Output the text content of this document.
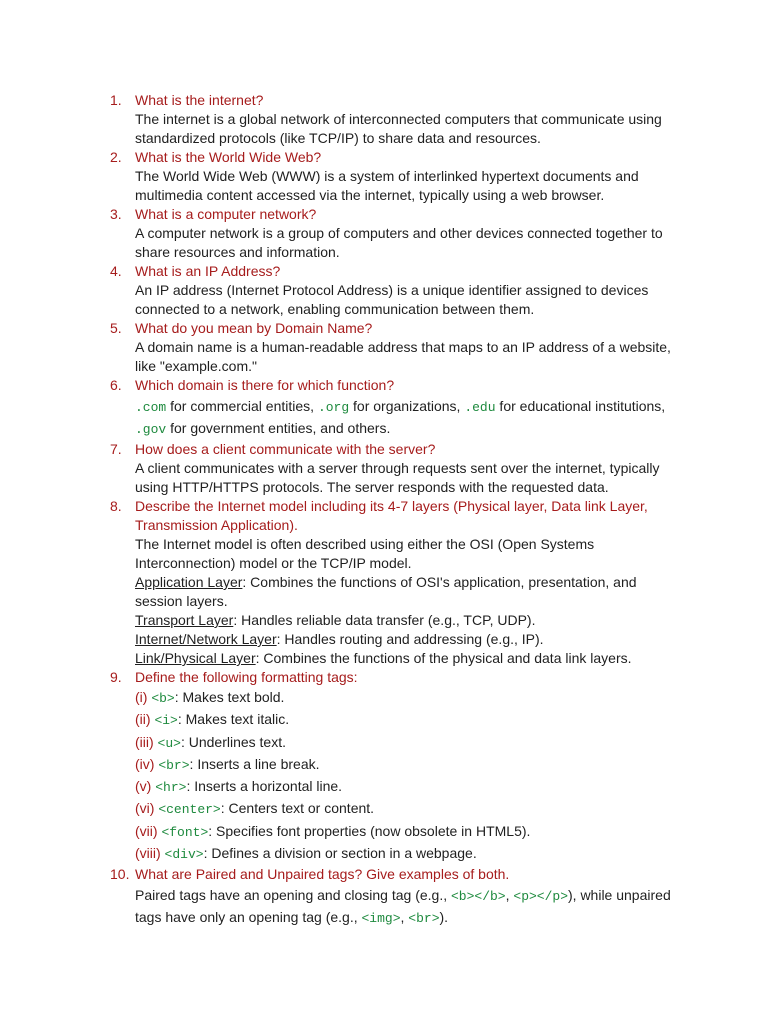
1. What is the internet?
The internet is a global network of interconnected computers that communicate using standardized protocols (like TCP/IP) to share data and resources.
2. What is the World Wide Web?
The World Wide Web (WWW) is a system of interlinked hypertext documents and multimedia content accessed via the internet, typically using a web browser.
3. What is a computer network?
A computer network is a group of computers and other devices connected together to share resources and information.
4. What is an IP Address?
An IP address (Internet Protocol Address) is a unique identifier assigned to devices connected to a network, enabling communication between them.
5. What do you mean by Domain Name?
A domain name is a human-readable address that maps to an IP address of a website, like "example.com."
6. Which domain is there for which function?
.com for commercial entities, .org for organizations, .edu for educational institutions, .gov for government entities, and others.
7. How does a client communicate with the server?
A client communicates with a server through requests sent over the internet, typically using HTTP/HTTPS protocols. The server responds with the requested data.
8. Describe the Internet model including its 4-7 layers (Physical layer, Data link Layer, Transmission Application).
The Internet model is often described using either the OSI (Open Systems Interconnection) model or the TCP/IP model.
Application Layer: Combines the functions of OSI's application, presentation, and session layers.
Transport Layer: Handles reliable data transfer (e.g., TCP, UDP).
Internet/Network Layer: Handles routing and addressing (e.g., IP).
Link/Physical Layer: Combines the functions of the physical and data link layers.
9. Define the following formatting tags:
(i) <b>: Makes text bold.
(ii) <i>: Makes text italic.
(iii) <u>: Underlines text.
(iv) <br>: Inserts a line break.
(v) <hr>: Inserts a horizontal line.
(vi) <center>: Centers text or content.
(vii) <font>: Specifies font properties (now obsolete in HTML5).
(viii) <div>: Defines a division or section in a webpage.
10. What are Paired and Unpaired tags? Give examples of both.
Paired tags have an opening and closing tag (e.g., <b></b>, <p></p>), while unpaired tags have only an opening tag (e.g., <img>, <br>).
